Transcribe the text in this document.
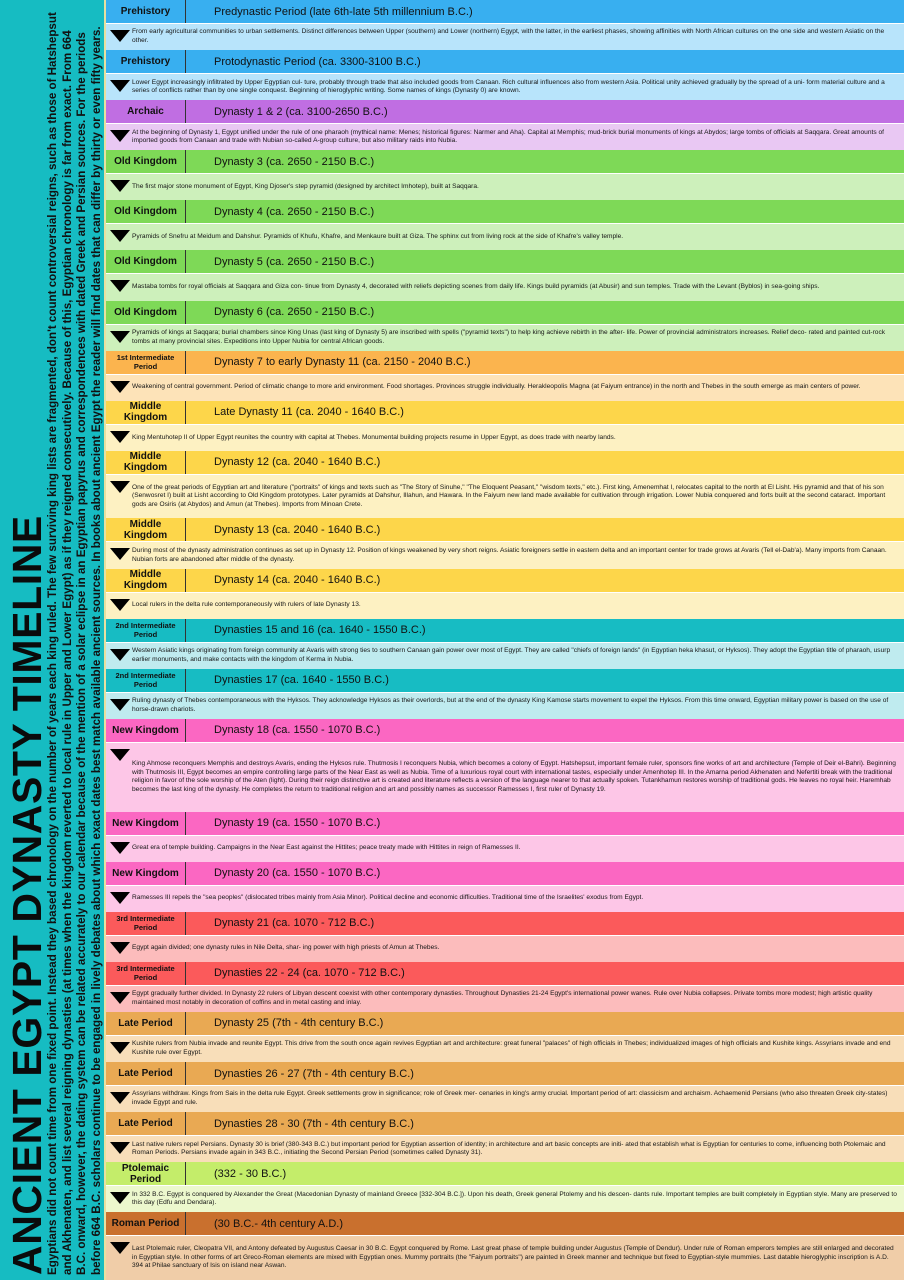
ANCIENT EGYPT DYNASTY TIMELINE
Egyptians did not count time from one fixed point. Instead they based chronology on the number of years each king ruled. The few surviving king lists are fragmented, don't count controversial reigns, such as those of Hatshepsut and Akhenaten, and list several reigning dynasties (at times when the kingdom reverted to local rule in Upper and Lower Egypt) as if they reigned consecutively. Because of this, Egyptian chronology is far from exact. From 664 B.C. onward, however, the dating system can be related accurately to our calendar because of the mention of a solar eclipse in an Egyptian papyrus and correspondences with dated Greek and Persian sources. For the periods before 664 B.C. scholars continue to be engaged in lively debates about which exact dates best match available ancient sources. In books about ancient Egypt the reader will find dates that can differ by thirty or even fifty years.
Prehistory	Predynastic Period (late 6th-late 5th millennium B.C.)
From early agricultural communities to urban settlements. Distinct differences between Upper (southern) and Lower (northern) Egypt, with the latter, in the earliest phases, showing affinities with North African cultures on the one side and western Asiatic on the other.
Prehistory	Protodynastic Period (ca. 3300-3100 B.C.)
Lower Egypt increasingly infiltrated by Upper Egyptian cul- ture, probably through trade that also included goods from Canaan. Rich cultural influences also from western Asia. Political unity achieved gradually by the spread of a uni- form material culture and a series of conflicts rather than by one single conquest. Beginning of hieroglyphic writing. Some names of kings (Dynasty 0) are known.
Archaic	Dynasty 1 & 2 (ca. 3100-2650 B.C.)
At the beginning of Dynasty 1, Egypt unified under the rule of one pharaoh (mythical name: Menes; historical figures: Narmer and Aha). Capital at Memphis; mud-brick burial monuments of kings at Abydos; large tombs of officials at Saqqara. Great amounts of imported goods from Canaan and trade with Nubian so-called A-group culture, but also military raids into Nubia.
Old Kingdom	Dynasty 3 (ca. 2650 - 2150 B.C.)
The first major stone monument of Egypt, King Djoser's step pyramid (designed by architect Imhotep), built at Saqqara.
Old Kingdom	Dynasty 4 (ca. 2650 - 2150 B.C.)
Pyramids of Snefru at Meidum and Dahshur. Pyramids of Khufu, Khafre, and Menkaure built at Giza. The sphinx cut from living rock at the side of Khafre's valley temple.
Old Kingdom	Dynasty 5 (ca. 2650 - 2150 B.C.)
Mastaba tombs for royal officials at Saqqara and Giza con- tinue from Dynasty 4, decorated with reliefs depicting scenes from daily life. Kings build pyramids (at Abusir) and sun temples. Trade with the Levant (Byblos) in sea-going ships.
Old Kingdom	Dynasty 6 (ca. 2650 - 2150 B.C.)
Pyramids of kings at Saqqara; burial chambers since King Unas (last king of Dynasty 5) are inscribed with spells ("pyramid texts") to help king achieve rebirth in the after- life. Power of provincial administrators increases. Relief deco- rated and painted cut-rock tombs at many provincial sites. Expeditions into Upper Nubia for central African goods.
1st Intermediate Period	Dynasty 7 to early Dynasty 11 (ca. 2150 - 2040 B.C.)
Weakening of central government. Period of climatic change to more arid environment. Food shortages. Provinces struggle individually. Herakleopolis Magna (at Faiyum entrance) in the north and Thebes in the south emerge as main centers of power.
Middle Kingdom	Late Dynasty 11 (ca. 2040 - 1640 B.C.)
King Mentuhotep II of Upper Egypt reunites the country with capital at Thebes. Monumental building projects resume in Upper Egypt, as does trade with nearby lands.
Middle Kingdom	Dynasty 12 (ca. 2040 - 1640 B.C.)
One of the great periods of Egyptian art and literature ("portraits" of kings and texts such as "The Story of Sinuhe," "The Eloquent Peasant," "wisdom texts," etc.). First king, Amenemhat I, relocates capital to the north at El Lisht. His pyramid and that of his son (Senwosret I) built at Lisht according to Old Kingdom prototypes. Later pyramids at Dahshur, Illahun, and Hawara. In the Faiyum new land made available for cultivation through irrigation. Lower Nubia conquered and forts built at the second cataract. Important gods are Osiris (at Abydos) and Amun (at Thebes). Imports from Minoan Crete.
Middle Kingdom	Dynasty 13 (ca. 2040 - 1640 B.C.)
During most of the dynasty administration continues as set up in Dynasty 12. Position of kings weakened by very short reigns. Asiatic foreigners settle in eastern delta and an important center for trade grows at Avaris (Tell el-Dab'a). Many imports from Canaan. Nubian forts are abandoned after middle of the dynasty.
Middle Kingdom	Dynasty 14 (ca. 2040 - 1640 B.C.)
Local rulers in the delta rule contemporaneously with rulers of late Dynasty 13.
2nd Intermediate Period	Dynasties 15 and 16 (ca. 1640 - 1550 B.C.)
Western Asiatic kings originating from foreign community at Avaris with strong ties to southern Canaan gain power over most of Egypt. They are called "chiefs of foreign lands" (in Egyptian heka khasut, or Hyksos). They adopt the Egyptian title of pharaoh, usurp earlier monuments, and make contacts with the kingdom of Kerma in Nubia.
2nd Intermediate Period	Dynasties 17 (ca. 1640 - 1550 B.C.)
Ruling dynasty of Thebes contemporaneous with the Hyksos. They acknowledge Hyksos as their overlords, but at the end of the dynasty King Kamose starts movement to expel the Hyksos. From this time onward, Egyptian military power is based on the use of horse-drawn chariots.
New Kingdom	Dynasty 18 (ca. 1550 - 1070 B.C.)
King Ahmose reconquers Memphis and destroys Avaris, ending the Hyksos rule. Thutmosis I reconquers Nubia, which becomes a colony of Egypt. Hatshepsut, important female ruler, sponsors fine works of art and architecture (Temple of Deir el-Bahri). Beginning with Thutmosis III, Egypt becomes an empire controlling large parts of the Near East as well as Nubia. Time of a luxurious royal court with international tastes, especially under Amenhotep III. In the Amarna period Akhenaten and Nefertiti break with the traditional religion in favor of the sole worship of the Aten (light). During their reign distinctive art is created and literature reflects a version of the language nearer to that actually spoken. Tutankhamun restores worship of traditional gods. He leaves no royal heir. Haremhab becomes the last king of the dynasty. He completes the return to traditional religion and art and possibly names as successor Ramesses I, first ruler of Dynasty 19.
New Kingdom	Dynasty 19 (ca. 1550 - 1070 B.C.)
Great era of temple building. Campaigns in the Near East against the Hittites; peace treaty made with Hittites in reign of Ramesses II.
New Kingdom	Dynasty 20 (ca. 1550 - 1070 B.C.)
Ramesses III repels the "sea peoples" (dislocated tribes mainly from Asia Minor). Political decline and economic difficulties. Traditional time of the Israelites' exodus from Egypt.
3rd Intermediate Period	Dynasty 21 (ca. 1070 - 712 B.C.)
Egypt again divided; one dynasty rules in Nile Delta, shar- ing power with high priests of Amun at Thebes.
3rd Intermediate Period	Dynasties 22 - 24 (ca. 1070 - 712 B.C.)
Egypt gradually further divided. In Dynasty 22 rulers of Libyan descent coexist with other contemporary dynasties. Throughout Dynasties 21-24 Egypt's international power wanes. Rule over Nubia collapses. Private tombs more modest; high artistic quality maintained most notably in decoration of coffins and in metal casting and inlay.
Late Period	Dynasty 25 (7th - 4th century B.C.)
Kushite rulers from Nubia invade and reunite Egypt. This drive from the south once again revives Egyptian art and architecture: great funeral "palaces" of high officials in Thebes; individualized images of high officials and Kushite kings. Assyrians invade and end Kushite rule over Egypt.
Late Period	Dynasties 26 - 27 (7th - 4th century B.C.)
Assyrians withdraw. Kings from Sais in the delta rule Egypt. Greek settlements grow in significance; role of Greek mer- cenaries in king's army crucial. Important period of art: classicism and archaism. Achaemenid Persians (who also threaten Greek city-states) invade Egypt and rule.
Late Period	Dynasties 28 - 30 (7th - 4th century B.C.)
Last native rulers repel Persians. Dynasty 30 is brief (380-343 B.C.) but important period for Egyptian assertion of identity; in architecture and art basic concepts are initi- ated that establish what is Egyptian for centuries to come, influencing both Ptolemaic and Roman Periods. Persians invade again in 343 B.C., initiating the Second Persian Period (sometimes called Dynasty 31).
Ptolemaic Period	(332 - 30 B.C.)
In 332 B.C. Egypt is conquered by Alexander the Great (Macedonian Dynasty of mainland Greece [332-304 B.C.]). Upon his death, Greek general Ptolemy and his descen- dants rule. Important temples are built completely in Egyptian style. Many are preserved to this day (Edfu and Dendara).
Roman Period	(30 B.C.- 4th century A.D.)
Last Ptolemaic ruler, Cleopatra VII, and Antony defeated by Augustus Caesar in 30 B.C. Egypt conquered by Rome. Last great phase of temple building under Augustus (Temple of Dendur). Under rule of Roman emperors temples are still enlarged and decorated in Egyptian style. In other forms of art Greco-Roman elements are mixed with Egyptian ones. Mummy portraits (the "Faiyum portraits") are painted in Greek manner and technique but fixed to Egyptian-style mummies. Last datable hieroglyphic inscription is A.D. 394 at Philae sanctuary of Isis on island near Aswan.
